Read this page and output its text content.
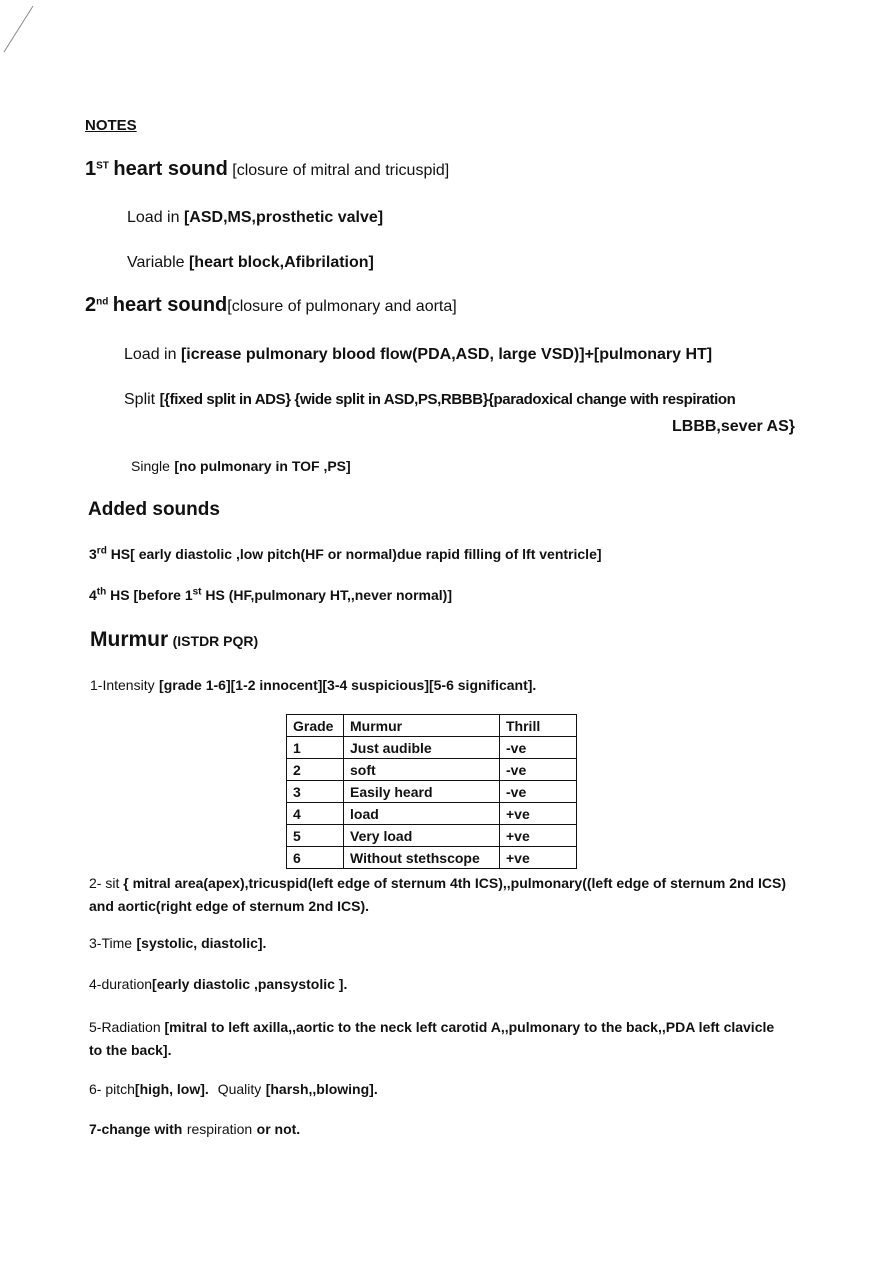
NOTES
1ST heart sound [closure of mitral and tricuspid]
Load in [ASD,MS,prosthetic valve]
Variable [heart block,Afibrilation]
2nd heart sound[closure of pulmonary and aorta]
Load in [icrease pulmonary blood flow(PDA,ASD, large VSD)]+[pulmonary HT]
Split [{fixed split in ADS} {wide split in ASD,PS,RBBB}{paradoxical change with respiration
LBBB,sever AS}
Single [no pulmonary in TOF ,PS]
Added sounds
3rd HS[ early diastolic ,low pitch(HF or normal)due rapid filling of lft ventricle]
4th HS [before 1st HS (HF,pulmonary HT,,never normal)]
Murmur (ISTDR PQR)
1-Intensity [grade 1-6][1-2 innocent][3-4 suspicious][5-6 significant].
Grade	Murmur	Thrill
1	Just audible	-ve
2	soft	-ve
3	Easily heard	-ve
4	load	+ve
5	Very load	+ve
6	Without stethscope	+ve
2- sit { mitral area(apex),tricuspid(left edge of sternum 4th ICS),,pulmonary((left edge of sternum 2nd ICS) and aortic(right edge of sternum 2nd ICS).
3-Time [systolic, diastolic].
4-duration[early diastolic ,pansystolic ].
5-Radiation [mitral to left axilla,,aortic to the neck left carotid A,,pulmonary to the back,,PDA left clavicle to the back].
6- pitch[high, low]. Quality [harsh,,blowing].
7-change with respiration or not.
